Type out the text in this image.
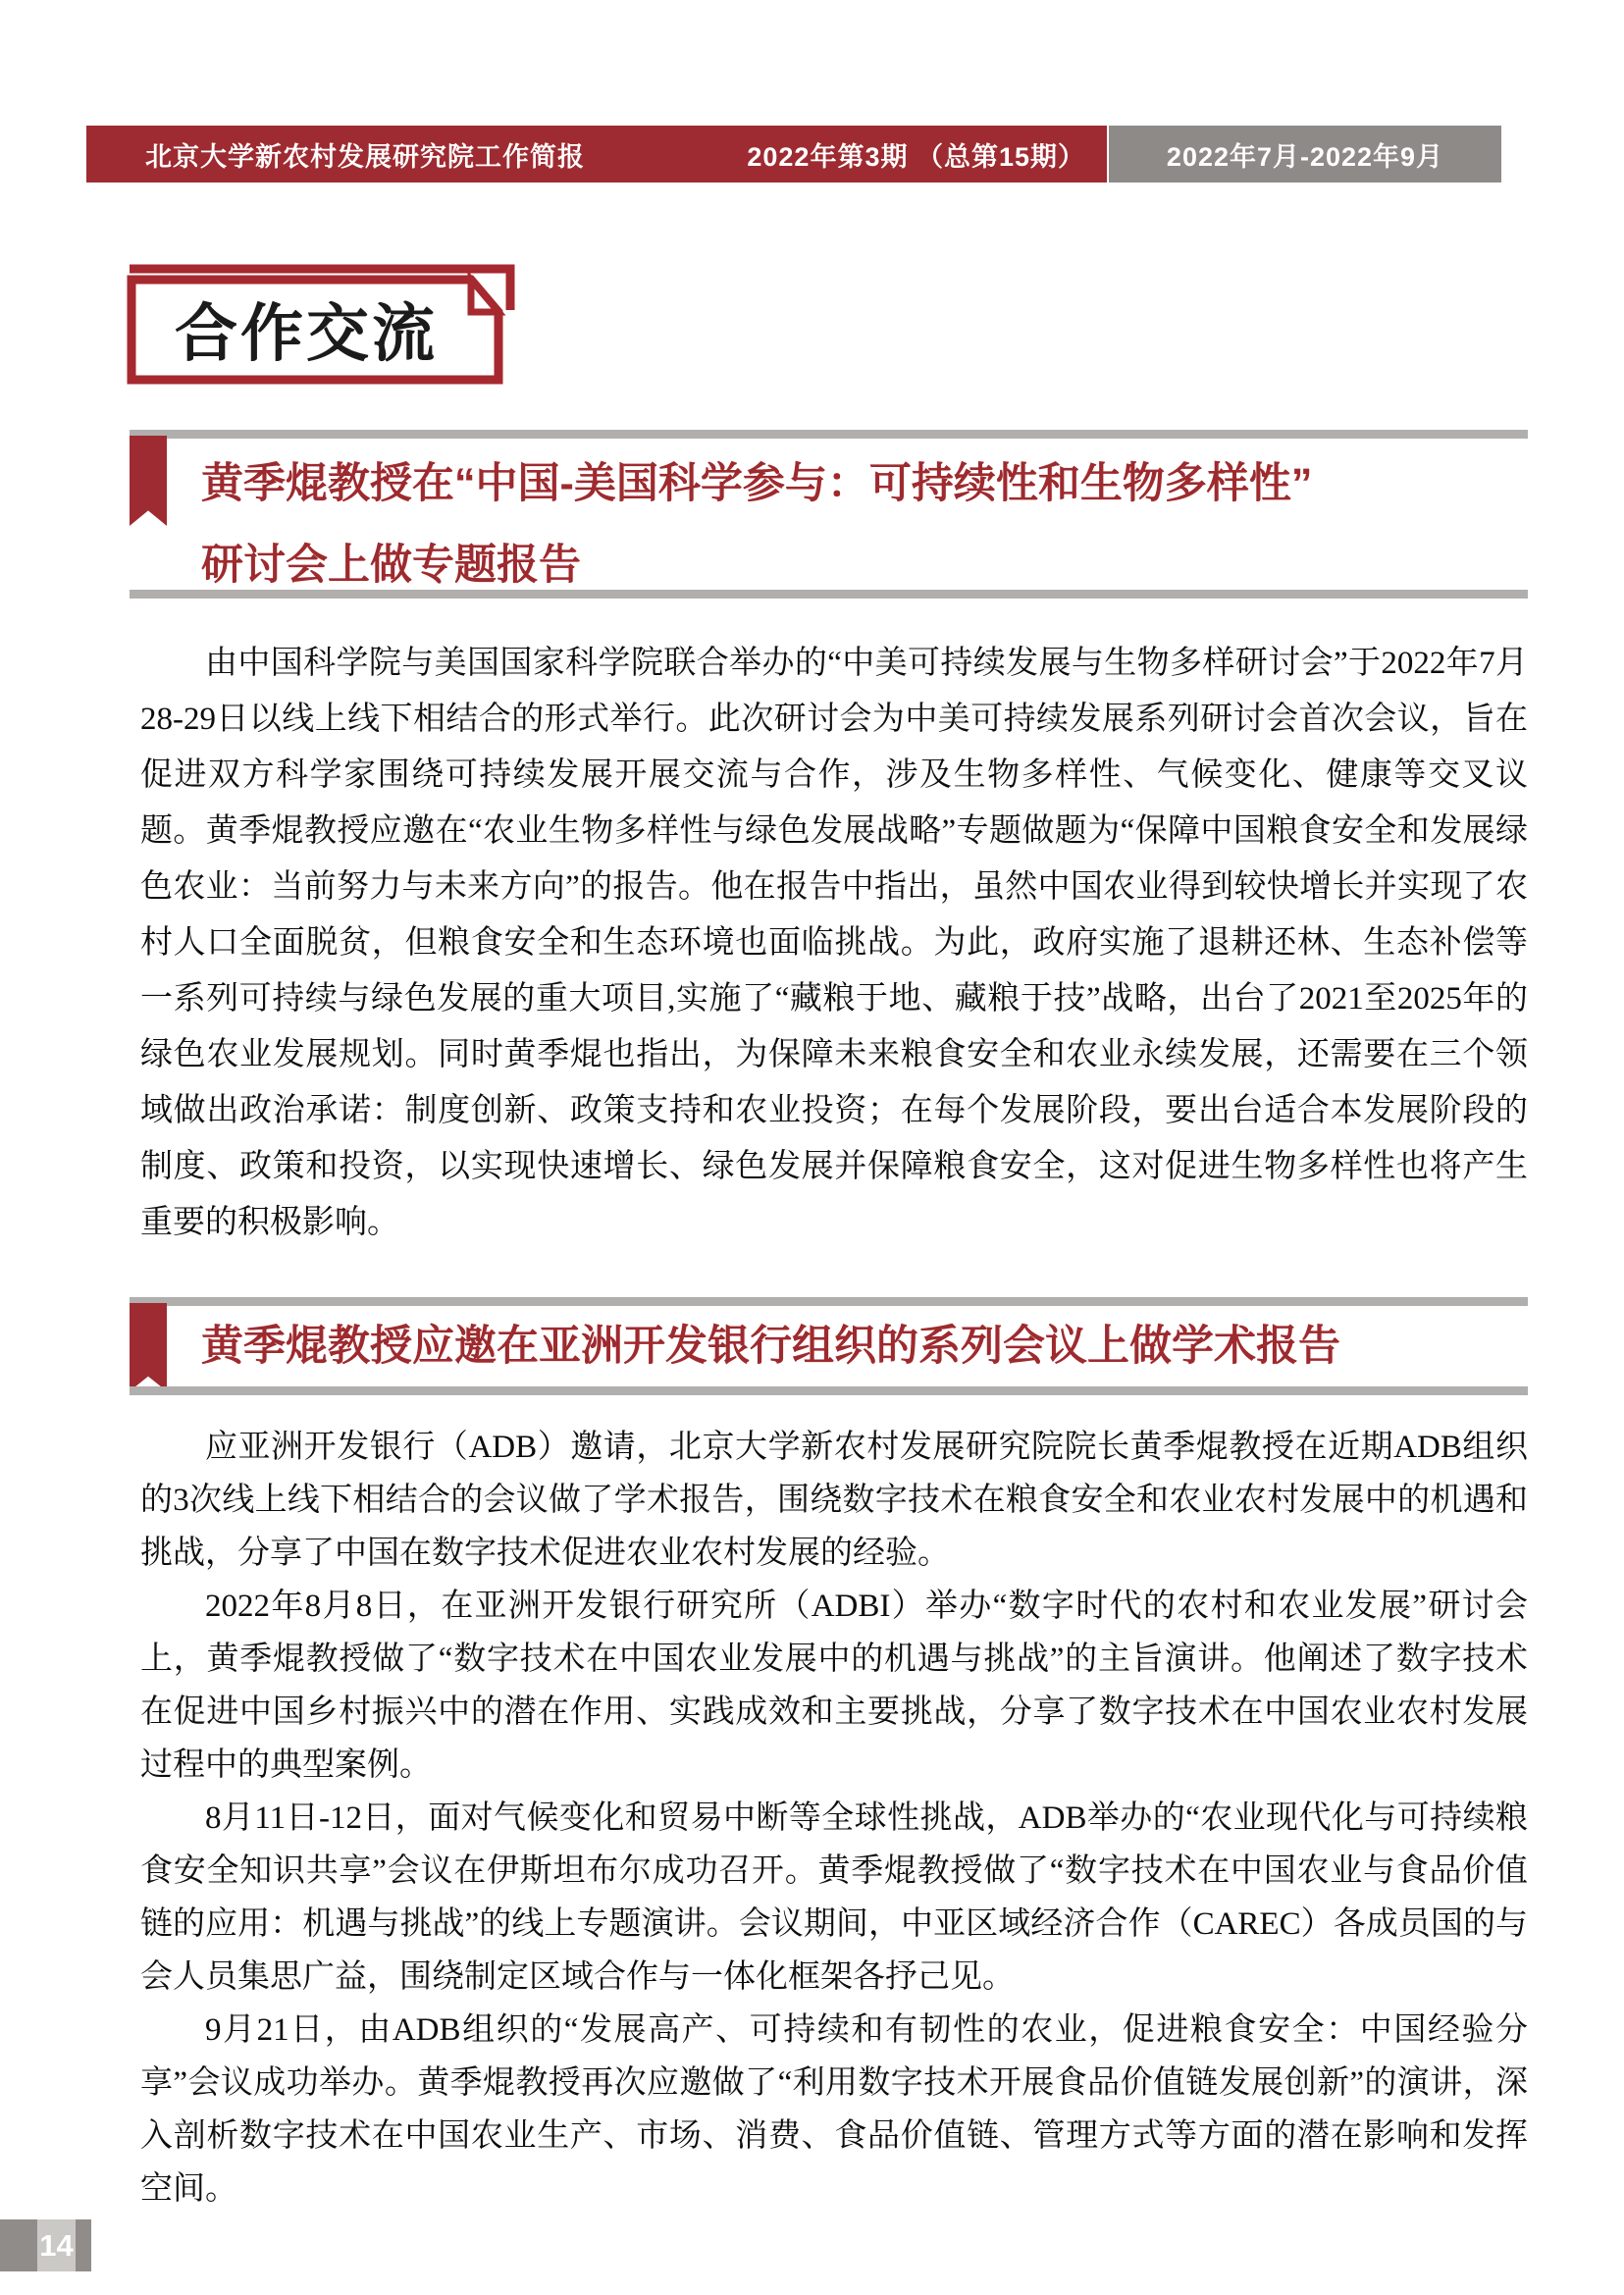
北京大学新农村发展研究院工作简报	2022年第3期 （总第15期）	2022年7月-2022年9月
合作交流
黄季焜教授在“中国-美国科学参与：可持续性和生物多样性”
研讨会上做专题报告

由中国科学院与美国国家科学院联合举办的“中美可持续发展与生物多样研讨会”于2022年7月28-29日以线上线下相结合的形式举行。此次研讨会为中美可持续发展系列研讨会首次会议，旨在促进双方科学家围绕可持续发展开展交流与合作，涉及生物多样性、气候变化、健康等交叉议题。黄季焜教授应邀在“农业生物多样性与绿色发展战略”专题做题为“保障中国粮食安全和发展绿色农业：当前努力与未来方向”的报告。他在报告中指出，虽然中国农业得到较快增长并实现了农村人口全面脱贫，但粮食安全和生态环境也面临挑战。为此，政府实施了退耕还林、生态补偿等一系列可持续与绿色发展的重大项目,实施了“藏粮于地、藏粮于技”战略，出台了2021至2025年的绿色农业发展规划。同时黄季焜也指出，为保障未来粮食安全和农业永续发展，还需要在三个领域做出政治承诺：制度创新、政策支持和农业投资；在每个发展阶段，要出台适合本发展阶段的制度、政策和投资，以实现快速增长、绿色发展并保障粮食安全，这对促进生物多样性也将产生重要的积极影响。

黄季焜教授应邀在亚洲开发银行组织的系列会议上做学术报告

应亚洲开发银行（ADB）邀请，北京大学新农村发展研究院院长黄季焜教授在近期ADB组织的3次线上线下相结合的会议做了学术报告，围绕数字技术在粮食安全和农业农村发展中的机遇和挑战，分享了中国在数字技术促进农业农村发展的经验。

2022年8月8日，在亚洲开发银行研究所（ADBI）举办“数字时代的农村和农业发展”研讨会上，黄季焜教授做了“数字技术在中国农业发展中的机遇与挑战”的主旨演讲。他阐述了数字技术在促进中国乡村振兴中的潜在作用、实践成效和主要挑战，分享了数字技术在中国农业农村发展过程中的典型案例。

8月11日-12日，面对气候变化和贸易中断等全球性挑战，ADB举办的“农业现代化与可持续粮食安全知识共享”会议在伊斯坦布尔成功召开。黄季焜教授做了“数字技术在中国农业与食品价值链的应用：机遇与挑战”的线上专题演讲。会议期间，中亚区域经济合作（CAREC）各成员国的与会人员集思广益，围绕制定区域合作与一体化框架各抒己见。

9月21日，由ADB组织的“发展高产、可持续和有韧性的农业，促进粮食安全：中国经验分享”会议成功举办。黄季焜教授再次应邀做了“利用数字技术开展食品价值链发展创新”的演讲，深入剖析数字技术在中国农业生产、市场、消费、食品价值链、管理方式等方面的潜在影响和发挥空间。

14
